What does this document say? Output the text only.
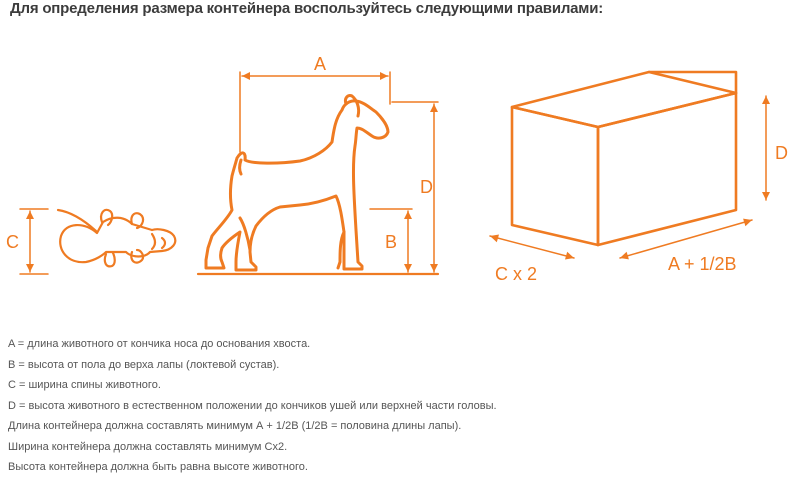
Для определения размера контейнера воспользуйтесь следующими правилами:
C
A
D
B
D
C x 2	A + 1/2B
A = длина животного от кончика носа до основания хвоста.
B = высота от пола до верха лапы (локтевой сустав).
C = ширина спины животного.
D = высота животного в естественном положении до кончиков ушей или верхней части головы.
Длина контейнера должна составлять минимум А + 1/2В (1/2В = половина длины лапы).
Ширина контейнера должна составлять минимум Сх2.
Высота контейнера должна быть равна высоте животного.
